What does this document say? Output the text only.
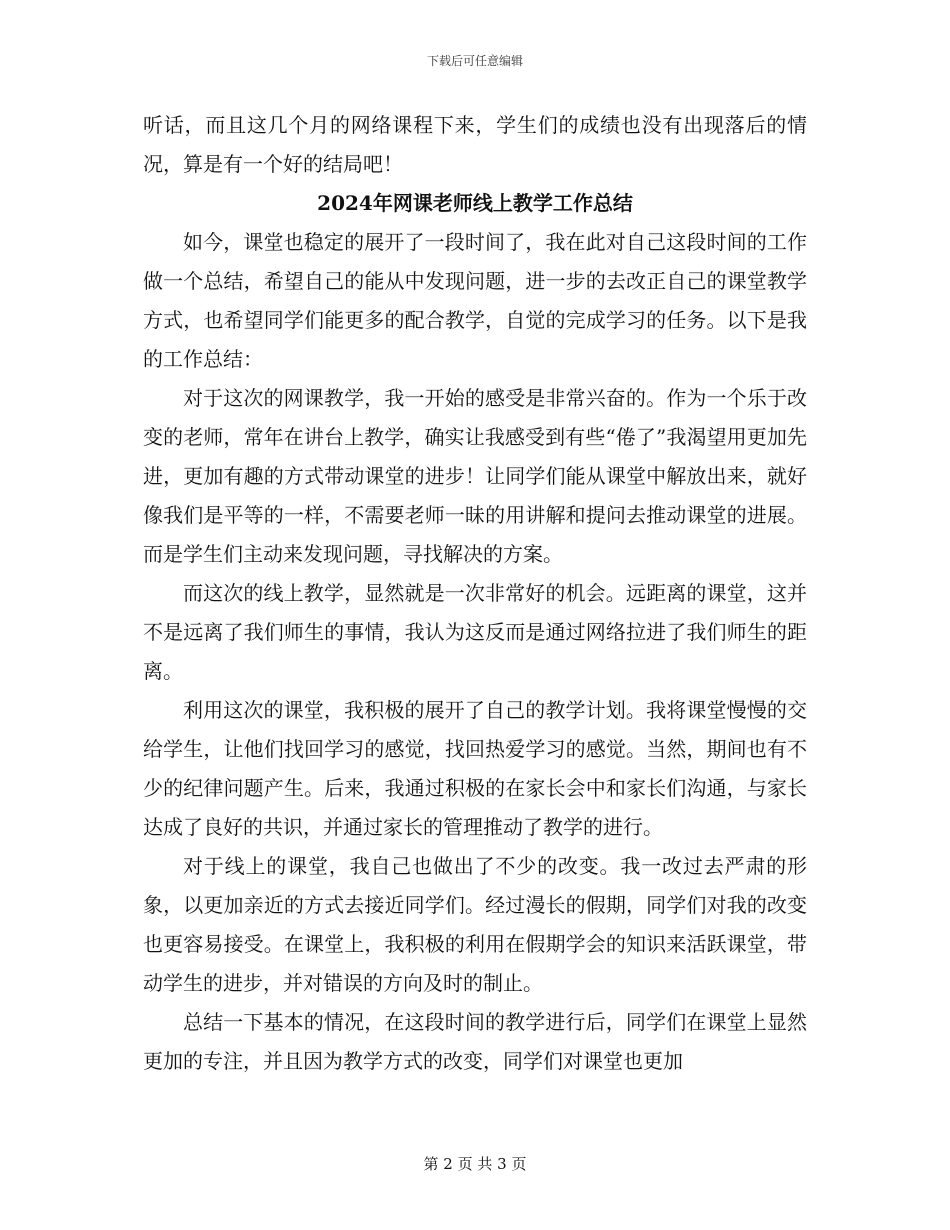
下载后可任意编辑

听话，而且这几个月的网络课程下来，学生们的成绩也没有出现落后的情况，算是有一个好的结局吧！

2024年网课老师线上教学工作总结

如今，课堂也稳定的展开了一段时间了，我在此对自己这段时间的工作做一个总结，希望自己的能从中发现问题，进一步的去改正自己的课堂教学方式，也希望同学们能更多的配合教学，自觉的完成学习的任务。以下是我的工作总结：

对于这次的网课教学，我一开始的感受是非常兴奋的。作为一个乐于改变的老师，常年在讲台上教学，确实让我感受到有些“倦了”我渴望用更加先进，更加有趣的方式带动课堂的进步！让同学们能从课堂中解放出来，就好像我们是平等的一样，不需要老师一昧的用讲解和提问去推动课堂的进展。而是学生们主动来发现问题，寻找解决的方案。

而这次的线上教学，显然就是一次非常好的机会。远距离的课堂，这并不是远离了我们师生的事情，我认为这反而是通过网络拉进了我们师生的距离。

利用这次的课堂，我积极的展开了自己的教学计划。我将课堂慢慢的交给学生，让他们找回学习的感觉，找回热爱学习的感觉。当然，期间也有不少的纪律问题产生。后来，我通过积极的在家长会中和家长们沟通，与家长达成了良好的共识，并通过家长的管理推动了教学的进行。

对于线上的课堂，我自己也做出了不少的改变。我一改过去严肃的形象，以更加亲近的方式去接近同学们。经过漫长的假期，同学们对我的改变也更容易接受。在课堂上，我积极的利用在假期学会的知识来活跃课堂，带动学生的进步，并对错误的方向及时的制止。

总结一下基本的情况，在这段时间的教学进行后，同学们在课堂上显然更加的专注，并且因为教学方式的改变，同学们对课堂也更加

第 2 页 共 3 页
